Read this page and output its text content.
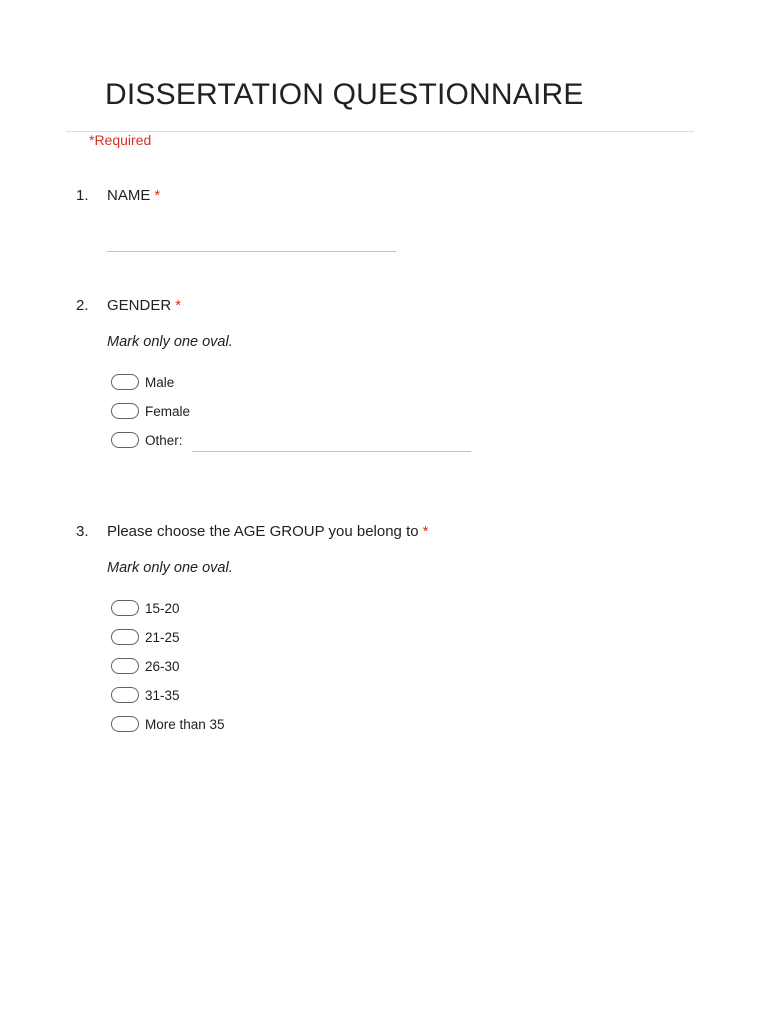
DISSERTATION QUESTIONNAIRE
*Required
1. NAME *
2. GENDER *
Mark only one oval.
Male
Female
Other:
3. Please choose the AGE GROUP you belong to *
Mark only one oval.
15-20
21-25
26-30
31-35
More than 35
